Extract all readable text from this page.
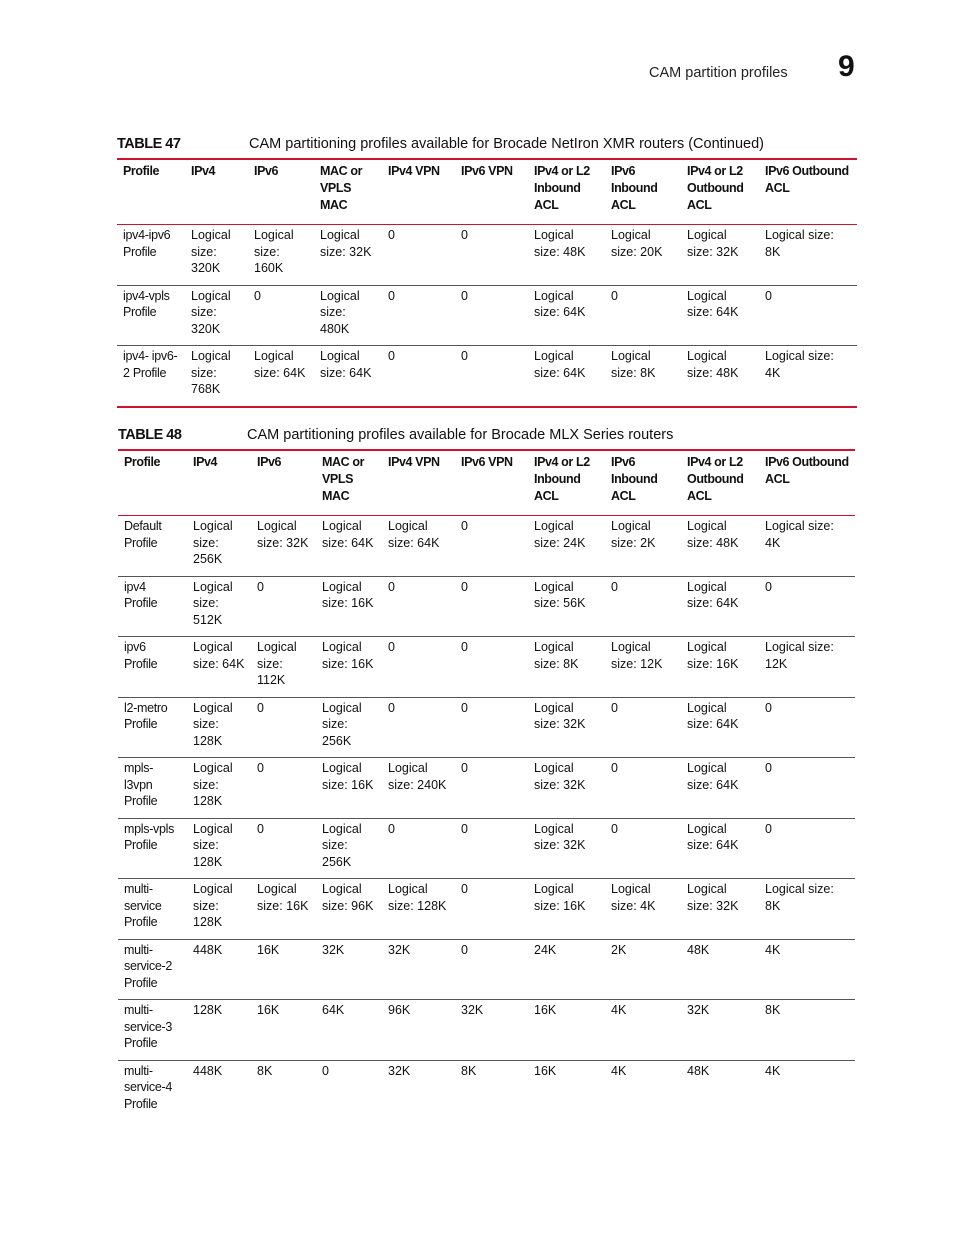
CAM partition profiles 9
TABLE 47	CAM partitioning profiles available for Brocade NetIron XMR routers (Continued)
Profile	IPv4	IPv6	MAC or VPLS MAC	IPv4 VPN	IPv6 VPN	IPv4 or L2 Inbound ACL	IPv6 Inbound ACL	IPv4 or L2 Outbound ACL	IPv6 Outbound ACL
ipv4-ipv6 Profile	Logical size: 320K	Logical size: 160K	Logical size: 32K	0	0	Logical size: 48K	Logical size: 20K	Logical size: 32K	Logical size: 8K
ipv4-vpls Profile	Logical size: 320K	0	Logical size: 480K	0	0	Logical size: 64K	0	Logical size: 64K	0
ipv4- ipv6-2 Profile	Logical size: 768K	Logical size: 64K	Logical size: 64K	0	0	Logical size: 64K	Logical size: 8K	Logical size: 48K	Logical size: 4K
TABLE 48	CAM partitioning profiles available for Brocade MLX Series routers
Profile	IPv4	IPv6	MAC or VPLS MAC	IPv4 VPN	IPv6 VPN	IPv4 or L2 Inbound ACL	IPv6 Inbound ACL	IPv4 or L2 Outbound ACL	IPv6 Outbound ACL
Default Profile	Logical size: 256K	Logical size: 32K	Logical size: 64K	Logical size: 64K	0	Logical size: 24K	Logical size: 2K	Logical size: 48K	Logical size: 4K
ipv4 Profile	Logical size: 512K	0	Logical size: 16K	0	0	Logical size: 56K	0	Logical size: 64K	0
ipv6 Profile	Logical size: 64K	Logical size: 112K	Logical size: 16K	0	0	Logical size: 8K	Logical size: 12K	Logical size: 16K	Logical size: 12K
l2-metro Profile	Logical size: 128K	0	Logical size: 256K	0	0	Logical size: 32K	0	Logical size: 64K	0
mpls- l3vpn Profile	Logical size: 128K	0	Logical size: 16K	Logical size: 240K	0	Logical size: 32K	0	Logical size: 64K	0
mpls-vpls Profile	Logical size: 128K	0	Logical size: 256K	0	0	Logical size: 32K	0	Logical size: 64K	0
multi- service Profile	Logical size: 128K	Logical size: 16K	Logical size: 96K	Logical size: 128K	0	Logical size: 16K	Logical size: 4K	Logical size: 32K	Logical size: 8K
multi- service-2 Profile	448K	16K	32K	32K	0	24K	2K	48K	4K
multi- service-3 Profile	128K	16K	64K	96K	32K	16K	4K	32K	8K
multi- service-4 Profile	448K	8K	0	32K	8K	16K	4K	48K	4K
